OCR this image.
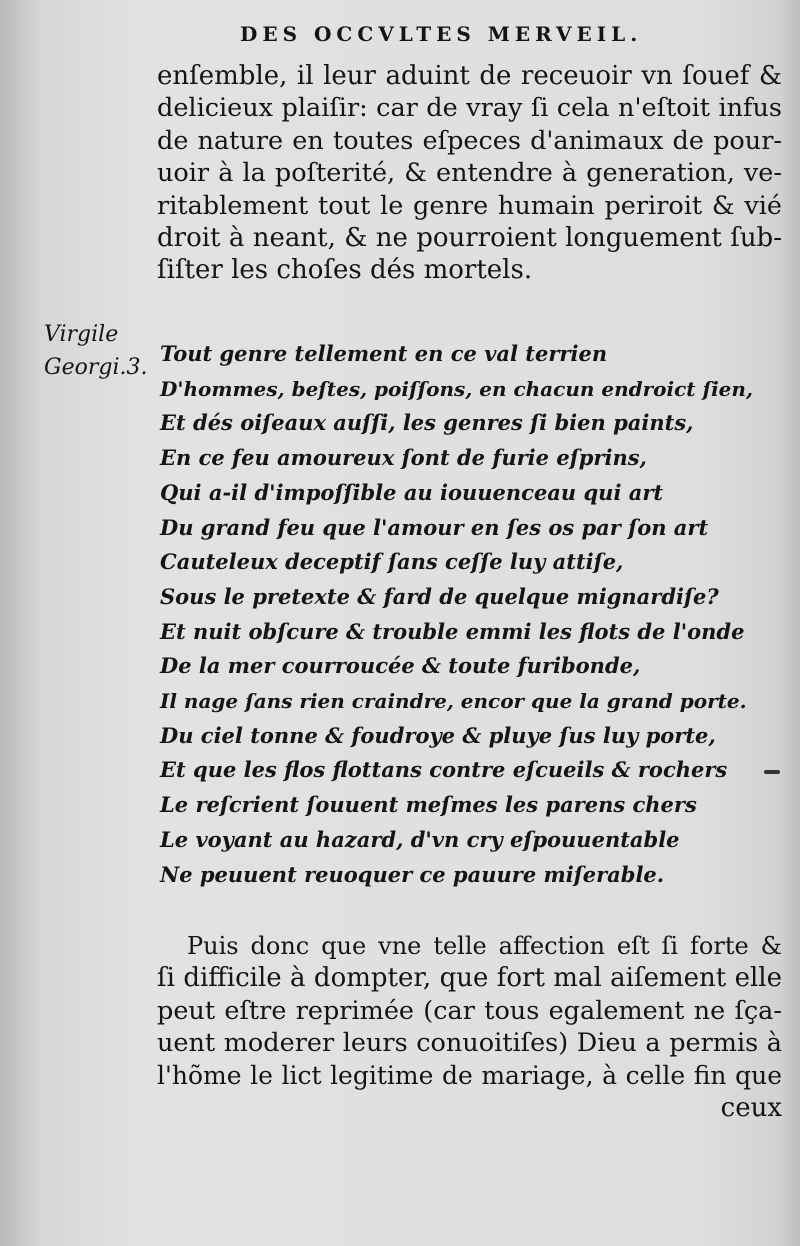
DES OCCVLTES MERVEIL.
enſemble, il leur aduint de receuoir vn ſouef &
delicieux plaiſir: car de vray ſi cela n'eſtoit infus
de nature en toutes eſpeces d'animaux de pour-
uoir à la poſterité, & entendre à generation, ve-
ritablement tout le genre humain periroit & vié
droit à neant, & ne pourroient longuement ſub-
ſiſter les choſes dés mortels.
Virgile
Georgi.3.
Tout genre tellement en ce val terrien
D'hommes, beſtes, poiſſons, en chacun endroict ſien,
Et dés oiſeaux auſſi, les genres ſi bien paints,
En ce feu amoureux ſont de furie eſprins,
Qui a-il d'impoſſible au iouuenceau qui art
Du grand feu que l'amour en ſes os par ſon art
Cauteleux deceptif ſans ceſſe luy attiſe,
Sous le pretexte & fard de quelque mignardiſe?
Et nuit obſcure & trouble emmi les flots de l'onde
De la mer courroucée & toute furibonde,
Il nage ſans rien craindre, encor que la grand porte.
Du ciel tonne & foudroye & pluye ſus luy porte,
Et que les flos flottans contre eſcueils & rochers
Le reſcrient ſouuent meſmes les parens chers
Le voyant au hazard, d'vn cry eſpouuentable
Ne peuuent reuoquer ce pauure miſerable.
Puis donc que vne telle affection eſt ſi forte &
ſi difficile à dompter, que fort mal aiſement elle
peut eſtre reprimée (car tous egalement ne ſça-
uent moderer leurs conuoitiſes) Dieu a permis à
l'hõme le lict legitime de mariage, à celle fin que
ceux
